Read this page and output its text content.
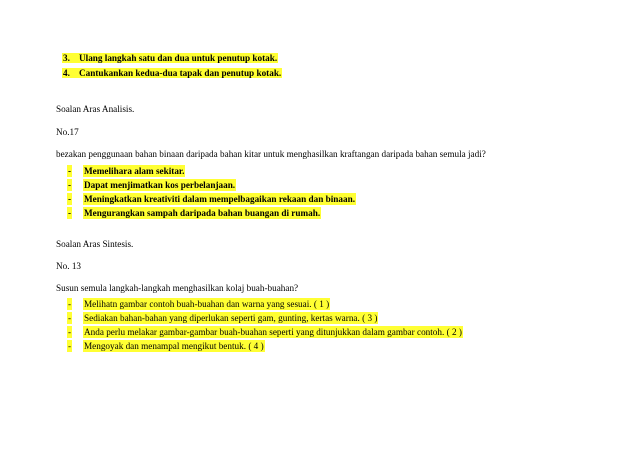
3. Ulang langkah satu dan dua untuk penutup kotak.
4. Cantukankan kedua-dua tapak dan penutup kotak.
Soalan Aras Analisis.
No.17
bezakan penggunaan bahan binaan daripada bahan kitar untuk menghasilkan kraftangan daripada bahan semula jadi?
- Memelihara alam sekitar.
- Dapat menjimatkan kos perbelanjaan.
- Meningkatkan kreativiti dalam mempelbagaikan rekaan dan binaan.
- Mengurangkan sampah daripada bahan buangan di rumah.
Soalan Aras Sintesis.
No. 13
Susun semula langkah-langkah menghasilkan kolaj buah-buahan?
- Melihatn gambar contoh buah-buahan dan warna yang sesuai. ( 1 )
- Sediakan bahan-bahan yang diperlukan seperti gam, gunting, kertas warna. ( 3 )
- Anda perlu melakar gambar-gambar buah-buahan seperti yang ditunjukkan dalam gambar contoh. ( 2 )
- Mengoyak dan menampal mengikut bentuk. ( 4 )
